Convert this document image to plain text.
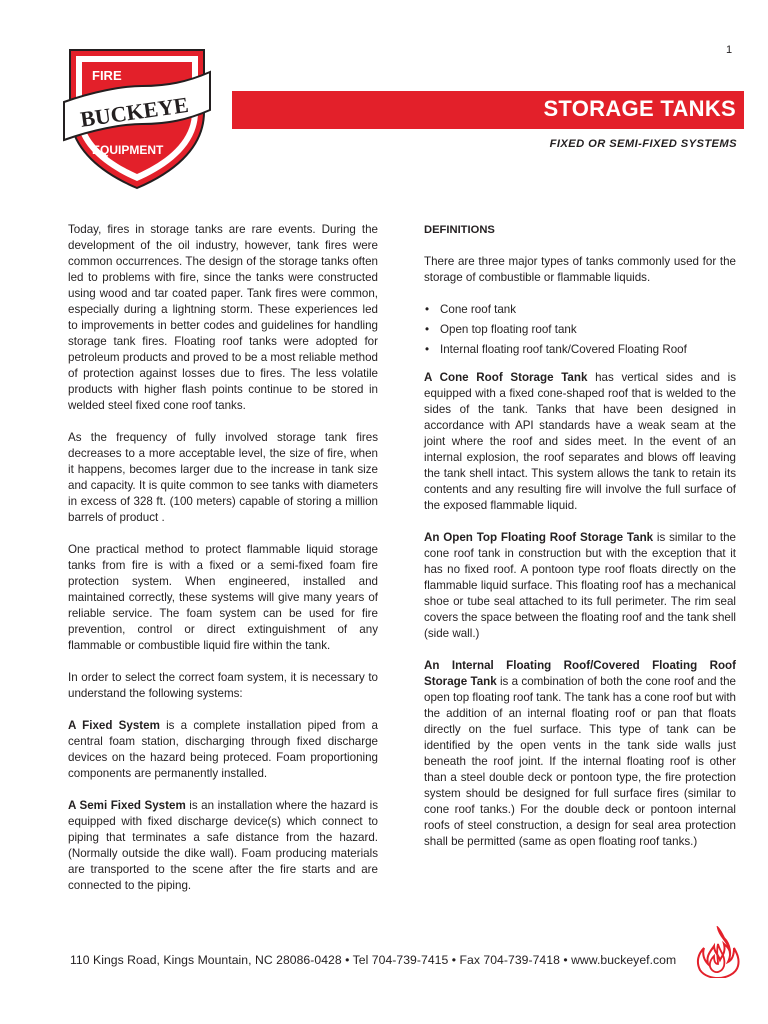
1
FIRE
BUCKEYE
EQUIPMENT
STORAGE TANKS
FIXED OR SEMI-FIXED SYSTEMS

Today, fires in storage tanks are rare events. During the development of the oil industry, however, tank fires were common occurrences. The design of the storage tanks often led to problems with fire, since the tanks were constructed using wood and tar coated paper. Tank fires were common, especially during a lightning storm. These experiences led to improvements in better codes and guidelines for handling storage tank fires. Floating roof tanks were adopted for petroleum products and proved to be a most reliable method of protection against losses due to fires. The less volatile products with higher flash points continue to be stored in welded steel fixed cone roof tanks.

As the frequency of fully involved storage tank fires decreases to a more acceptable level, the size of fire, when it happens, becomes larger due to the increase in tank size and capacity. It is quite common to see tanks with diameters in excess of 328 ft. (100 meters) capable of storing a million barrels of product .

One practical method to protect flammable liquid storage tanks from fire is with a fixed or a semi-fixed foam fire protection system. When engineered, installed and maintained correctly, these systems will give many years of reliable service. The foam system can be used for fire prevention, control or direct extinguishment of any flammable or combustible liquid fire within the tank.

In order to select the correct foam system, it is necessary to understand the following systems:

A Fixed System is a complete installation piped from a central foam station, discharging through fixed discharge devices on the hazard being proteced. Foam proportioning components are permanently installed.

A Semi Fixed System is an installation where the hazard is equipped with fixed discharge device(s) which connect to piping that terminates a safe distance from the hazard. (Normally outside the dike wall). Foam producing materials are transported to the scene after the fire starts and are connected to the piping.

DEFINITIONS

There are three major types of tanks commonly used for the storage of combustible or flammable liquids.

• Cone roof tank
• Open top floating roof tank
• Internal floating roof tank/Covered Floating Roof

A Cone Roof Storage Tank has vertical sides and is equipped with a fixed cone-shaped roof that is welded to the sides of the tank. Tanks that have been designed in accordance with API standards have a weak seam at the joint where the roof and sides meet. In the event of an internal explosion, the roof separates and blows off leaving the tank shell intact. This system allows the tank to retain its contents and any resulting fire will involve the full surface of the exposed flammable liquid.

An Open Top Floating Roof Storage Tank is similar to the cone roof tank in construction but with the exception that it has no fixed roof. A pontoon type roof floats directly on the flammable liquid surface. This floating roof has a mechanical shoe or tube seal attached to its full perimeter. The rim seal covers the space between the floating roof and the tank shell (side wall.)

An Internal Floating Roof/Covered Floating Roof Storage Tank is a combination of both the cone roof and the open top floating roof tank. The tank has a cone roof but with the addition of an internal floating roof or pan that floats directly on the fuel surface. This type of tank can be identified by the open vents in the tank side walls just beneath the roof joint. If the internal floating roof is other than a steel double deck or pontoon type, the fire protection system should be designed for full surface fires (similar to cone roof tanks.) For the double deck or pontoon internal roofs of steel construction, a design for seal area protection shall be permitted (same as open floating roof tanks.)

110 Kings Road, Kings Mountain, NC 28086-0428 • Tel 704-739-7415 • Fax 704-739-7418 • www.buckeyef.com
